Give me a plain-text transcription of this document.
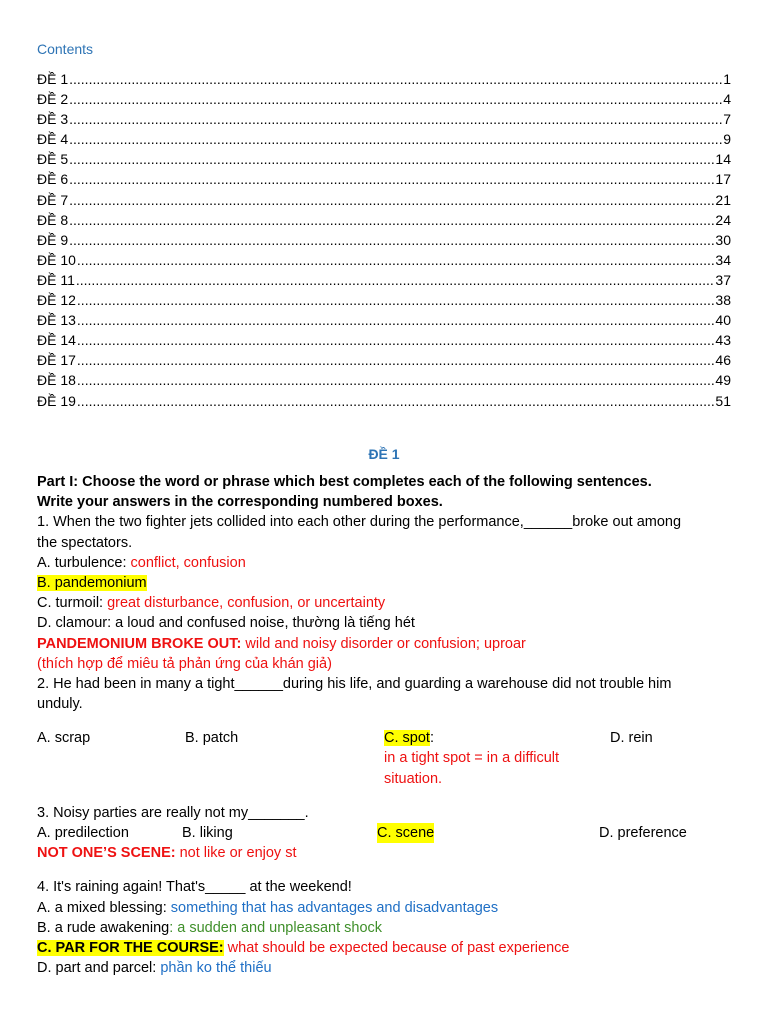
Contents
ĐỀ 1 .....	1
ĐỀ 2 .....	4
ĐỀ 3 .....	7
ĐỀ 4 .....	9
ĐỀ 5 .....	14
ĐỀ 6 .....	17
ĐỀ 7 .....	21
ĐỀ 8 .....	24
ĐỀ 9 .....	30
ĐỀ 10 .....	34
ĐỀ 11 .....	37
ĐỀ 12 .....	38
ĐỀ 13 .....	40
ĐỀ 14 .....	43
ĐỀ 17 .....	46
ĐỀ 18 .....	49
ĐỀ 19 .....	51
ĐỀ 1
Part I: Choose the word or phrase which best completes each of the following sentences.
Write your answers in the corresponding numbered boxes.
1. When the two fighter jets collided into each other during the performance,______broke out among
the spectators.
A. turbulence: conflict, confusion
B. pandemonium
C. turmoil: great disturbance, confusion, or uncertainty
D. clamour: a loud and confused noise, thường là tiếng hét
PANDEMONIUM BROKE OUT: wild and noisy disorder or confusion; uproar
(thích hợp để miêu tả phản ứng của khán giả)
2. He had been in many a tight______during his life, and guarding a warehouse did not trouble him
unduly.
A. scrap	B. patch	C. spot:	D. rein
in a tight spot = in a difficult
situation.
3. Noisy parties are really not my_______.
A. predilection	B. liking	C. scene	D. preference
NOT ONE’S SCENE: not like or enjoy st
4. It's raining again! That's_____ at the weekend!
A. a mixed blessing: something that has advantages and disadvantages
B. a rude awakening: a sudden and unpleasant shock
C. PAR FOR THE COURSE: what should be expected because of past experience
D. part and parcel: phần ko thể thiếu
